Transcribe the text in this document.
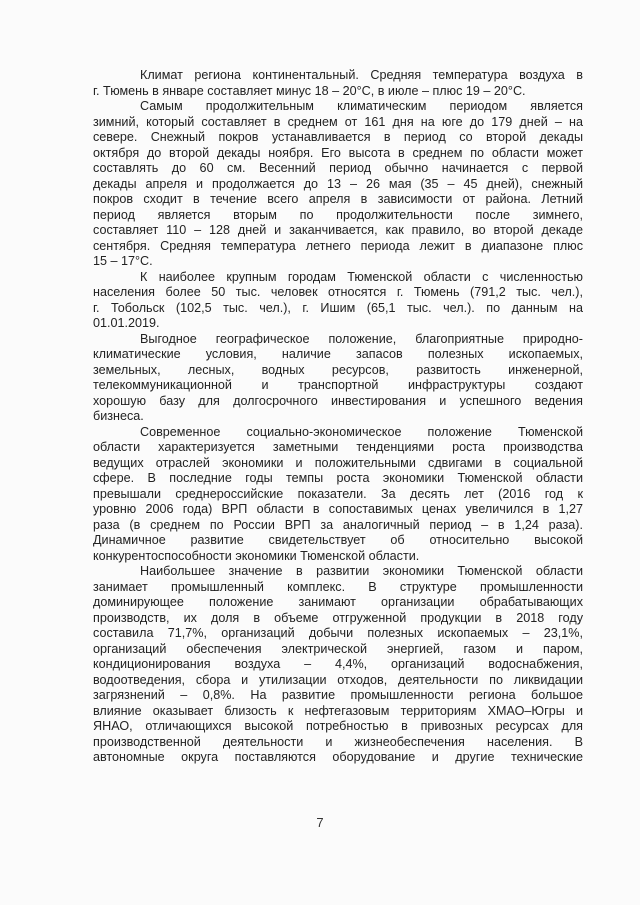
Климат региона континентальный. Средняя температура воздуха в
г. Тюмень в январе составляет минус 18 – 20°С, в июле – плюс 19 – 20°С.

Самым продолжительным климатическим периодом является
зимний, который составляет в среднем от 161 дня на юге до 179 дней – на
севере. Снежный покров устанавливается в период со второй декады
октября до второй декады ноября. Его высота в среднем по области может
составлять до 60 см. Весенний период обычно начинается с первой
декады апреля и продолжается до 13 – 26 мая (35 – 45 дней), снежный
покров сходит в течение всего апреля в зависимости от района. Летний
период является вторым по продолжительности после зимнего,
составляет 110 – 128 дней и заканчивается, как правило, во второй декаде
сентября. Средняя температура летнего периода лежит в диапазоне плюс
15 – 17°С.

К наиболее крупным городам Тюменской области с численностью
населения более 50 тыс. человек относятся г. Тюмень (791,2 тыс. чел.),
г. Тобольск (102,5 тыс. чел.), г. Ишим (65,1 тыс. чел.). по данным на
01.01.2019.

Выгодное географическое положение, благоприятные природно-
климатические условия, наличие запасов полезных ископаемых,
земельных, лесных, водных ресурсов, развитость инженерной,
телекоммуникационной и транспортной инфраструктуры создают
хорошую базу для долгосрочного инвестирования и успешного ведения
бизнеса.

Современное социально-экономическое положение Тюменской
области характеризуется заметными тенденциями роста производства
ведущих отраслей экономики и положительными сдвигами в социальной
сфере. В последние годы темпы роста экономики Тюменской области
превышали среднероссийские показатели. За десять лет (2016 год к
уровню 2006 года) ВРП области в сопоставимых ценах увеличился в 1,27
раза (в среднем по России ВРП за аналогичный период – в 1,24 раза).
Динамичное развитие свидетельствует об относительно высокой
конкурентоспособности экономики Тюменской области.

Наибольшее значение в развитии экономики Тюменской области
занимает промышленный комплекс. В структуре промышленности
доминирующее положение занимают организации обрабатывающих
производств, их доля в объеме отгруженной продукции в 2018 году
составила 71,7%, организаций добычи полезных ископаемых – 23,1%,
организаций обеспечения электрической энергией, газом и паром,
кондиционирования воздуха – 4,4%, организаций водоснабжения,
водоотведения, сбора и утилизации отходов, деятельности по ликвидации
загрязнений – 0,8%. На развитие промышленности региона большое
влияние оказывает близость к нефтегазовым территориям ХМАО–Югры и
ЯНАО, отличающихся высокой потребностью в привозных ресурсах для
производственной деятельности и жизнеобеспечения населения. В
автономные округа поставляются оборудование и другие технические

7
